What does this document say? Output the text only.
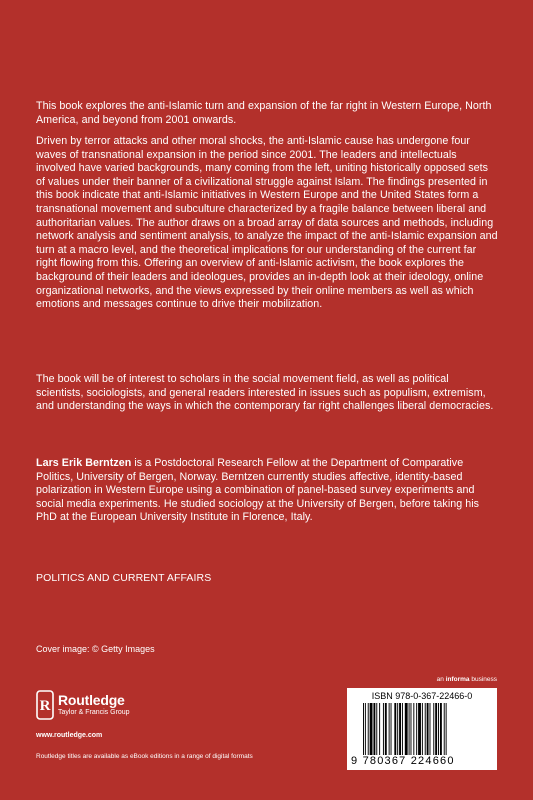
This book explores the anti-Islamic turn and expansion of the far right in Western Europe, North America, and beyond from 2001 onwards.

Driven by terror attacks and other moral shocks, the anti-Islamic cause has undergone four waves of transnational expansion in the period since 2001. The leaders and intellectuals involved have varied backgrounds, many coming from the left, uniting historically opposed sets of values under their banner of a civilizational struggle against Islam. The findings presented in this book indicate that anti-Islamic initiatives in Western Europe and the United States form a transnational movement and subculture characterized by a fragile balance between liberal and authoritarian values. The author draws on a broad array of data sources and methods, including network analysis and sentiment analysis, to analyze the impact of the anti-Islamic expansion and turn at a macro level, and the theoretical implications for our understanding of the current far right flowing from this. Offering an overview of anti-Islamic activism, the book explores the background of their leaders and ideologues, provides an in-depth look at their ideology, online organizational networks, and the views expressed by their online members as well as which emotions and messages continue to drive their mobilization.

The book will be of interest to scholars in the social movement field, as well as political scientists, sociologists, and general readers interested in issues such as populism, extremism, and understanding the ways in which the contemporary far right challenges liberal democracies.

Lars Erik Berntzen is a Postdoctoral Research Fellow at the Department of Comparative Politics, University of Bergen, Norway. Berntzen currently studies affective, identity-based polarization in Western Europe using a combination of panel-based survey experiments and social media experiments. He studied sociology at the University of Bergen, before taking his PhD at the European University Institute in Florence, Italy.

POLITICS AND CURRENT AFFAIRS
Cover image: © Getty Images
an informa business
R Routledge
Taylor & Francis Group
www.routledge.com
Routledge titles are available as eBook editions in a range of digital formats
ISBN 978-0-367-22466-0
9 780367 224660
